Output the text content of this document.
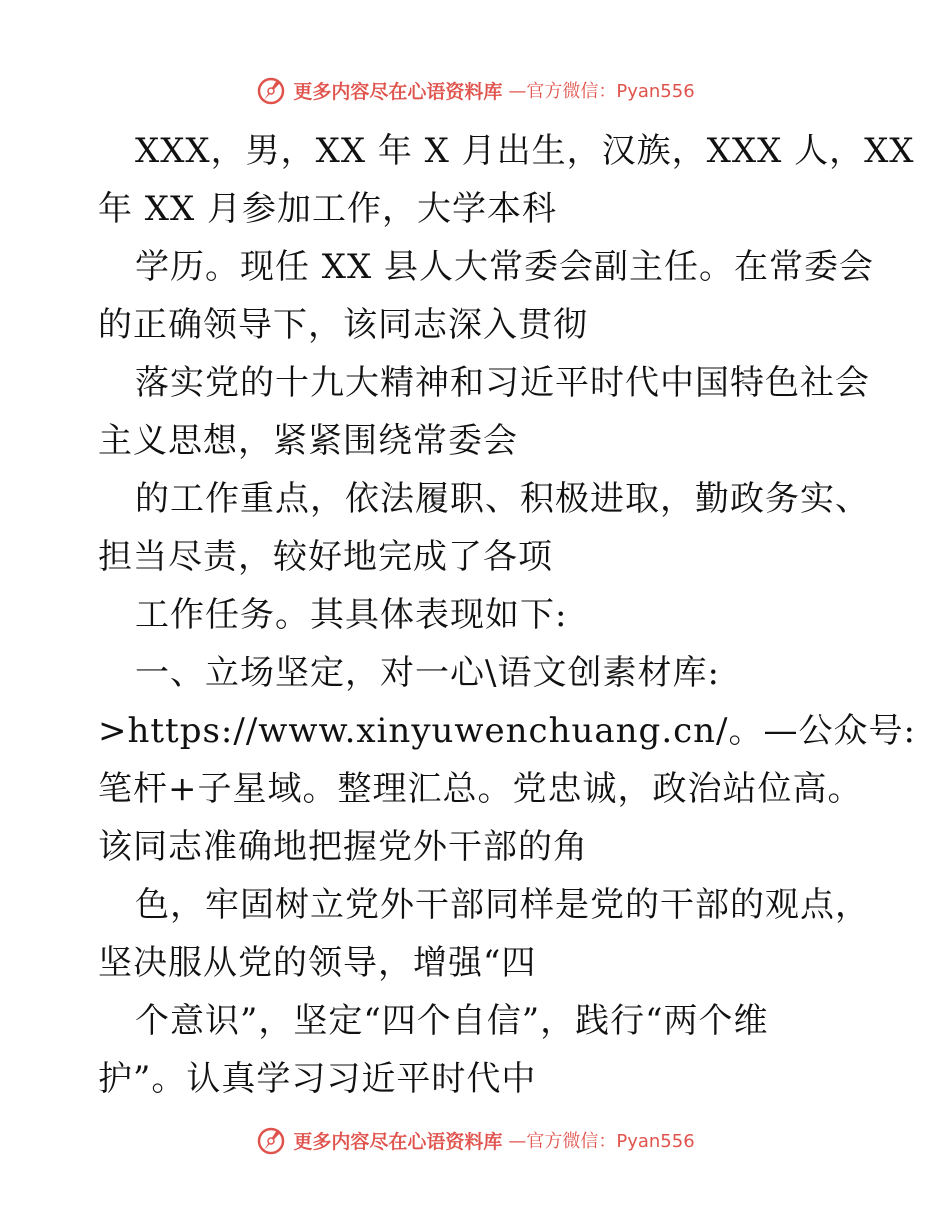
更多内容尽在心语资料库 —官方微信：Pyan556
XXX，男，XX 年 X 月出生，汉族，XXX 人，XX
年 XX 月参加工作，大学本科
学历。现任 XX 县人大常委会副主任。在常委会
的正确领导下，该同志深入贯彻
落实党的十九大精神和习近平时代中国特色社会
主义思想，紧紧围绕常委会
的工作重点，依法履职、积极进取，勤政务实、
担当尽责，较好地完成了各项
工作任务。其具体表现如下:
一、立场坚定，对一心\语文创素材库:
>https://www.xinyuwenchuang.cn/。—公众号:
笔杆+子星域。整理汇总。党忠诚，政治站位高。
该同志准确地把握党外干部的角
色，牢固树立党外干部同样是党的干部的观点，
坚决服从党的领导，增强“四
个意识”，坚定“四个自信”，践行“两个维
护”。认真学习习近平时代中
更多内容尽在心语资料库 —官方微信：Pyan556
